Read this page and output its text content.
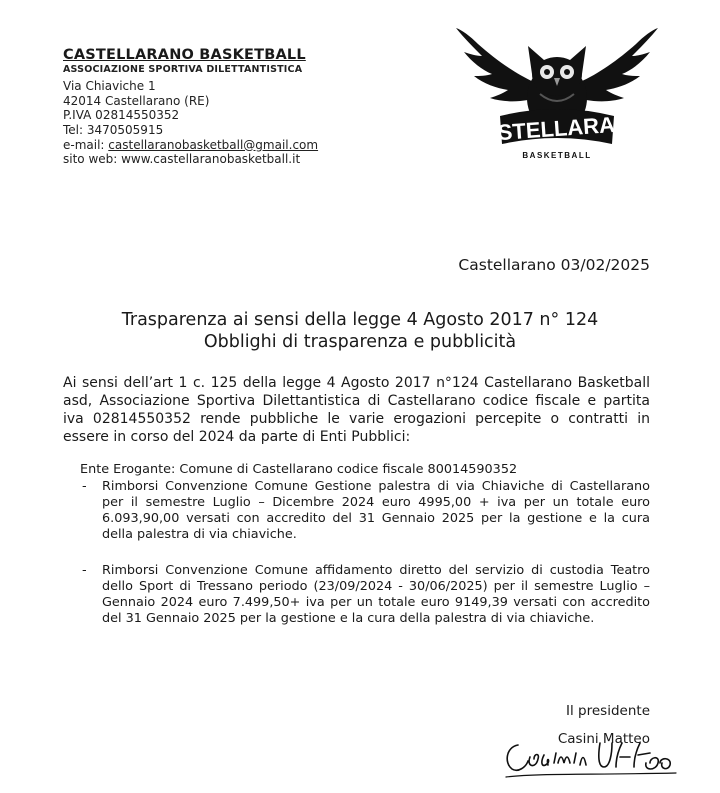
CASTELLARANO BASKETBALL
ASSOCIAZIONE SPORTIVA DILETTANTISTICA
Via Chiaviche 1
42014 Castellarano (RE)
P.IVA 02814550352
Tel: 3470505915
e-mail: castellaranobasketball@gmail.com
sito web: www.castellaranobasketball.it
CASTELLARANO
BASKETBALL
Castellarano 03/02/2025
Trasparenza ai sensi della legge 4 Agosto 2017 n° 124
Obblighi di trasparenza e pubblicità
Ai sensi dell’art 1 c. 125 della legge 4 Agosto 2017 n°124 Castellarano Basketball asd, Associazione Sportiva Dilettantistica di Castellarano codice fiscale e partita iva 02814550352 rende pubbliche le varie erogazioni percepite o contratti in essere in corso del 2024 da parte di Enti Pubblici:
Ente Erogante: Comune di Castellarano codice fiscale 80014590352
- Rimborsi Convenzione Comune Gestione palestra di via Chiaviche di Castellarano per il semestre Luglio – Dicembre 2024 euro 4995,00 + iva per un totale euro 6.093,90,00 versati con accredito del 31 Gennaio 2025 per la gestione e la cura della palestra di via chiaviche.
- Rimborsi Convenzione Comune affidamento diretto del servizio di custodia Teatro dello Sport di Tressano periodo (23/09/2024 - 30/06/2025) per il semestre Luglio – Gennaio 2024 euro 7.499,50+ iva per un totale euro 9149,39 versati con accredito del 31 Gennaio 2025 per la gestione e la cura della palestra di via chiaviche.
Il presidente
Casini Matteo
